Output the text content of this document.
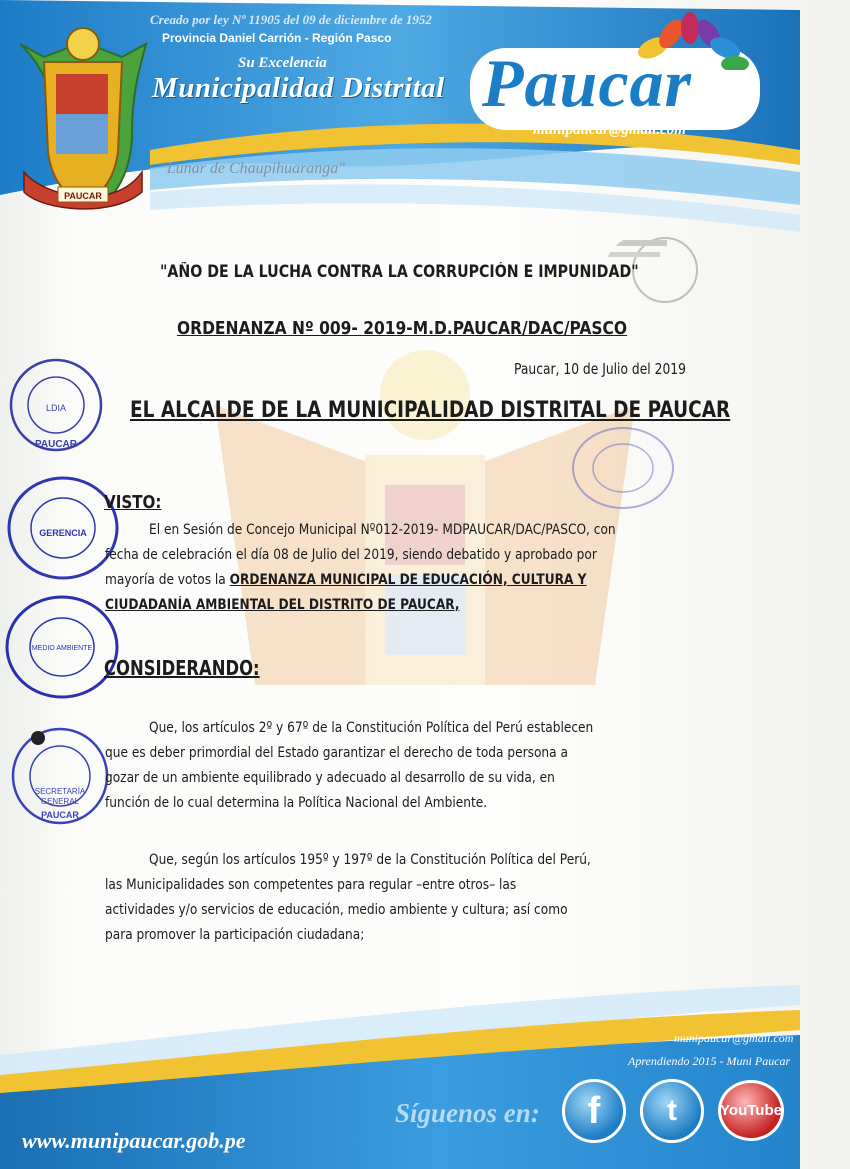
PAUCAR
Creado por ley Nº 11905 del 09 de diciembre de 1952
Provincia Daniel Carrión - Región Pasco
Su Excelencia
Municipalidad Distrital Paucar
munipaucar@gmail.com
"Lunar de Chaupihuaranga"
LDIA
PAUCAR
GERENCIA
MEDIO AMBIENTE
SECRETARÍA
GENERAL
PAUCAR
"AÑO DE LA LUCHA CONTRA LA CORRUPCIÓN E IMPUNIDAD"
ORDENANZA Nº 009- 2019-M.D.PAUCAR/DAC/PASCO
Paucar, 10 de Julio del 2019
EL ALCALDE DE LA MUNICIPALIDAD DISTRITAL DE PAUCAR
VISTO:
El en Sesión de Concejo Municipal Nº012-2019- MDPAUCAR/DAC/PASCO, con
fecha de celebración el día 08 de Julio del 2019, siendo debatido y aprobado por
mayoría de votos la ORDENANZA MUNICIPAL DE EDUCACIÓN, CULTURA Y
CIUDADANÍA AMBIENTAL DEL DISTRITO DE PAUCAR,
CONSIDERANDO:
Que, los artículos 2º y 67º de la Constitución Política del Perú establecen
que es deber primordial del Estado garantizar el derecho de toda persona a
gozar de un ambiente equilibrado y adecuado al desarrollo de su vida, en
función de lo cual determina la Política Nacional del Ambiente.
Que, según los artículos 195º y 197º de la Constitución Política del Perú,
las Municipalidades son competentes para regular –entre otros– las
actividades y/o servicios de educación, medio ambiente y cultura; así como
para promover la participación ciudadana;
munipaucar@gmail.com
Aprendiendo 2015 - Muni Paucar
Síguenos en:	f	t	YouTube
www.munipaucar.gob.pe
